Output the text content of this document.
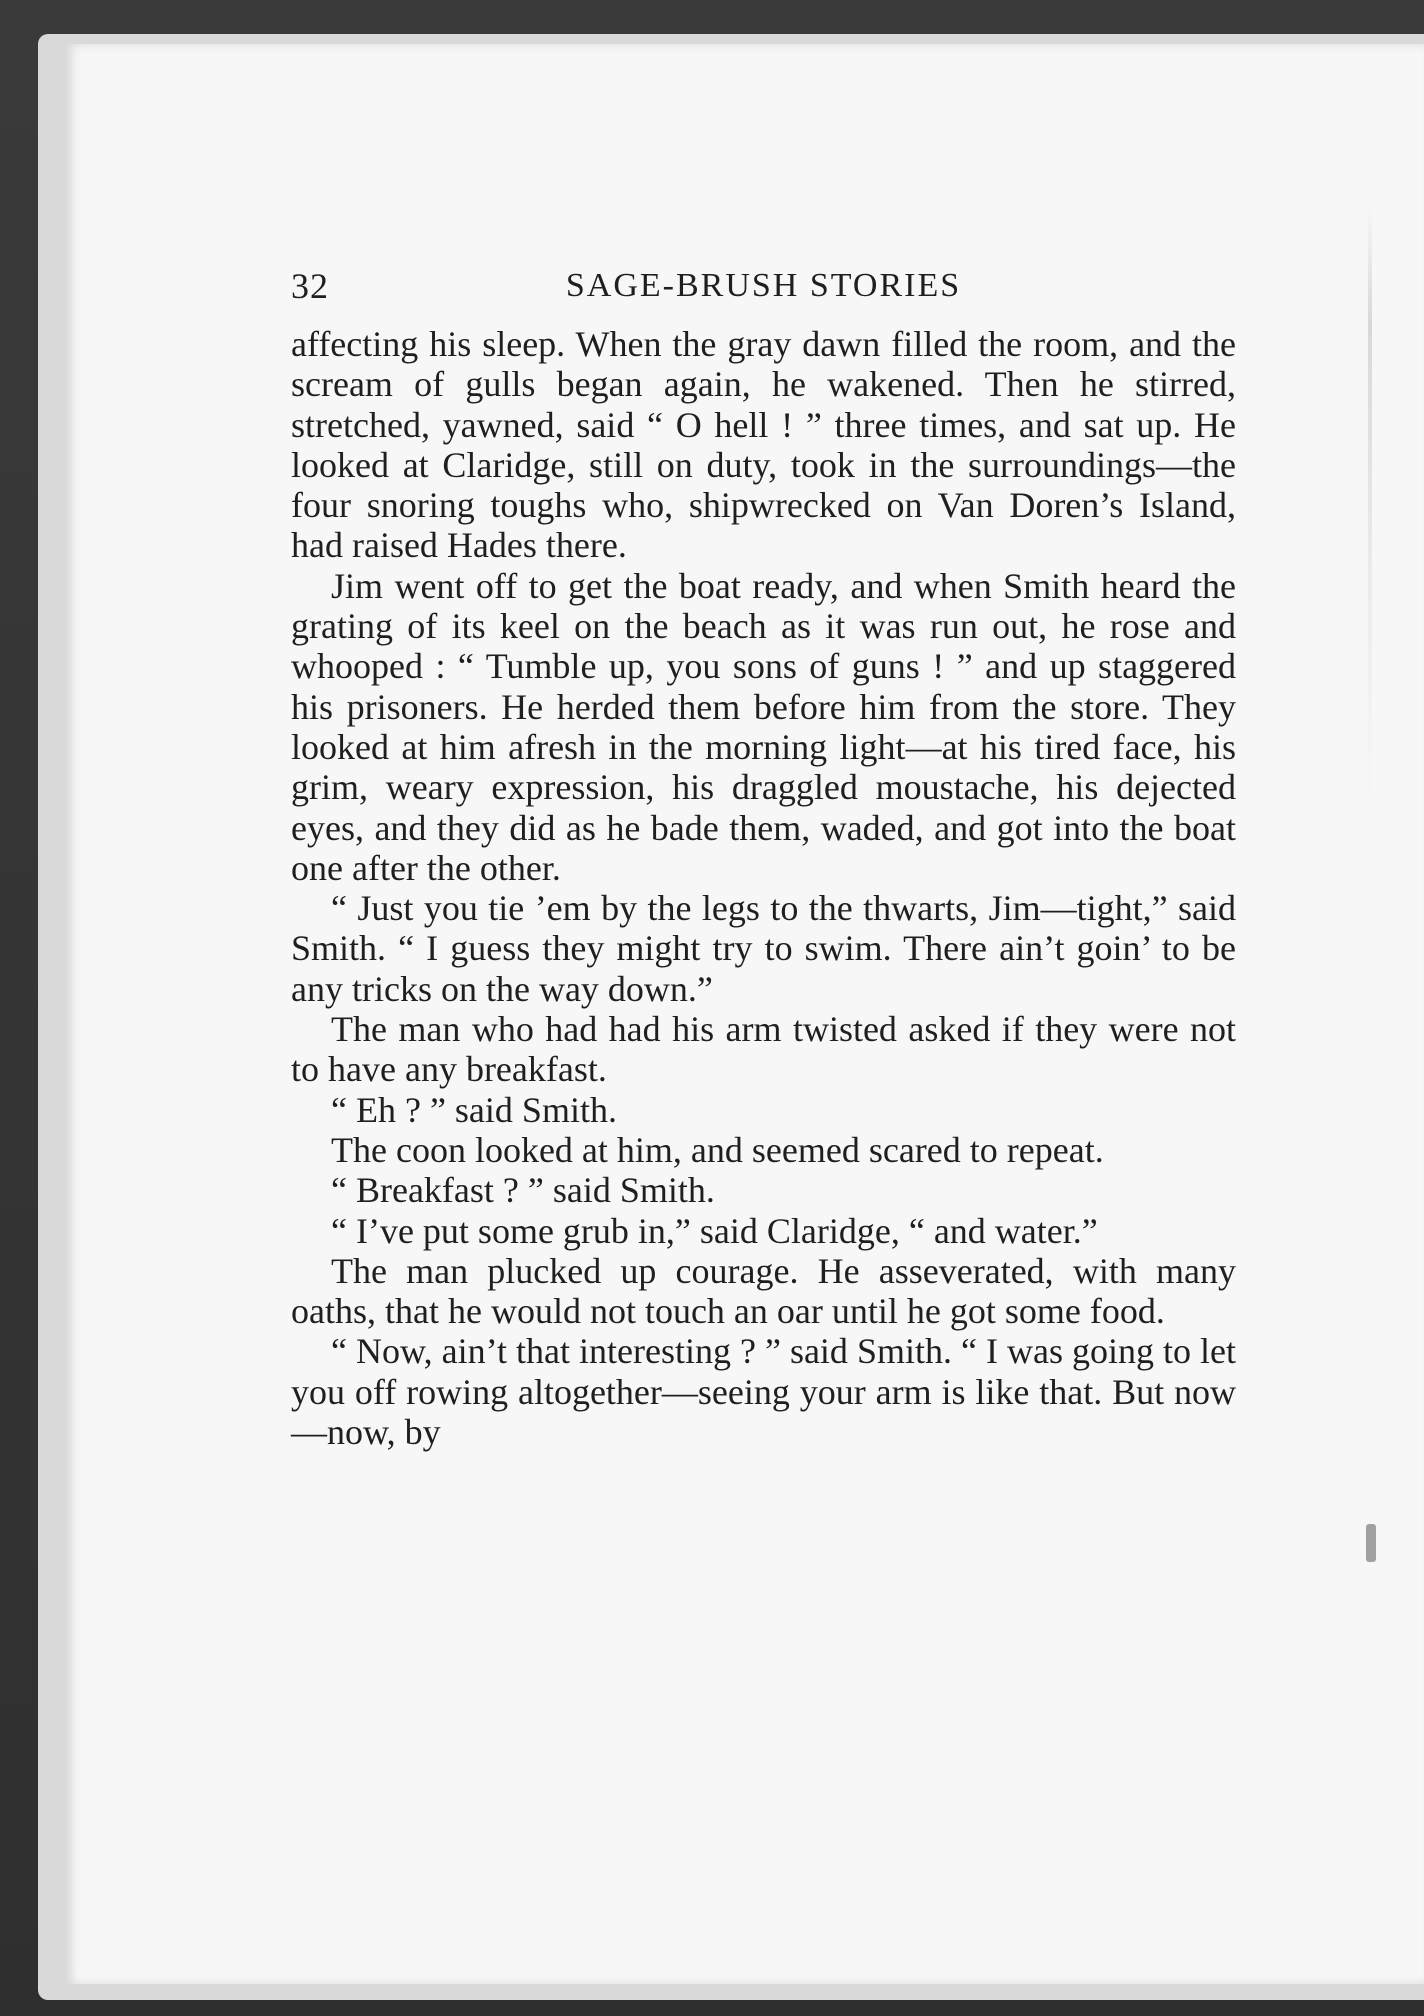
32	SAGE-BRUSH STORIES

affecting his sleep. When the gray dawn filled the room, and the scream of gulls began again, he wakened. Then he stirred, stretched, yawned, said “ O hell ! ” three times, and sat up. He looked at Claridge, still on duty, took in the surroundings—the four snoring toughs who, shipwrecked on Van Doren’s Island, had raised Hades there.

Jim went off to get the boat ready, and when Smith heard the grating of its keel on the beach as it was run out, he rose and whooped : “ Tumble up, you sons of guns ! ” and up staggered his prisoners. He herded them before him from the store. They looked at him afresh in the morning light—at his tired face, his grim, weary expression, his draggled moustache, his dejected eyes, and they did as he bade them, waded, and got into the boat one after the other.

“ Just you tie ’em by the legs to the thwarts, Jim—tight,” said Smith. “ I guess they might try to swim. There ain’t goin’ to be any tricks on the way down.”

The man who had had his arm twisted asked if they were not to have any breakfast.

“ Eh ? ” said Smith.

The coon looked at him, and seemed scared to repeat.

“ Breakfast ? ” said Smith.

“ I’ve put some grub in,” said Claridge, “ and water.”

The man plucked up courage. He asseverated, with many oaths, that he would not touch an oar until he got some food.

“ Now, ain’t that interesting ? ” said Smith. “ I was going to let you off rowing altogether—seeing your arm is like that. But now—now, by
